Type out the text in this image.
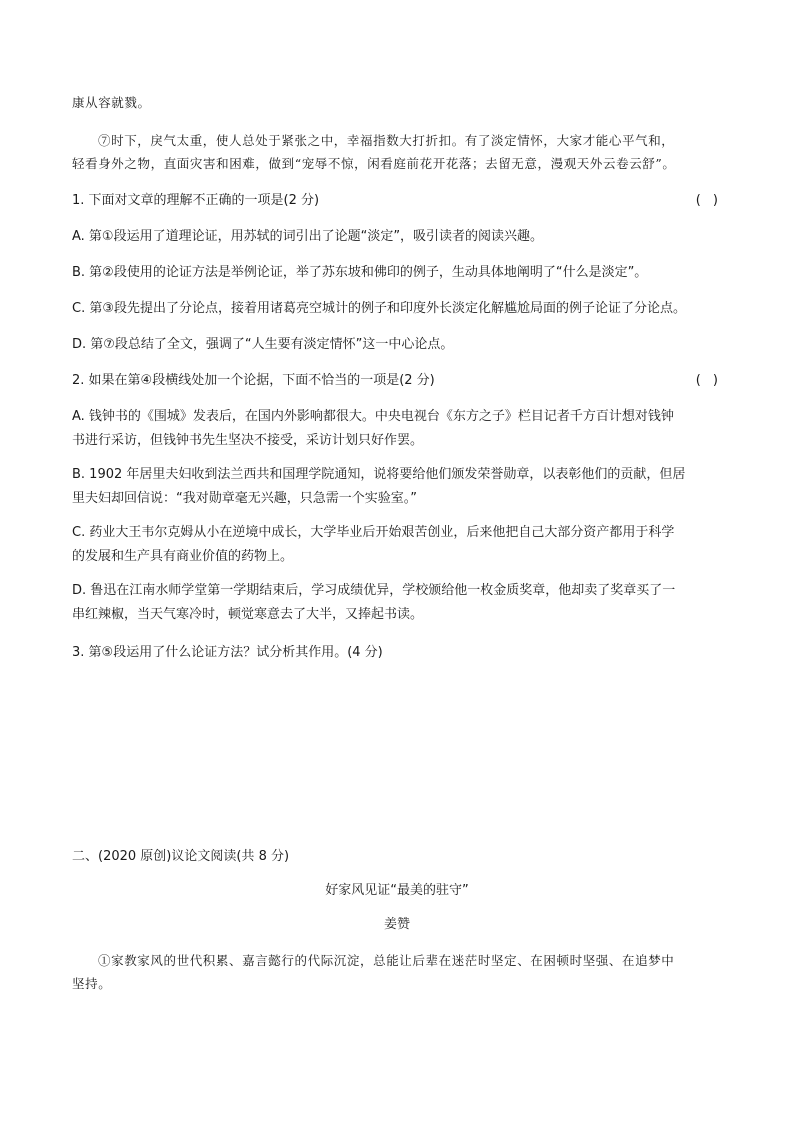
康从容就戮。
⑦时下，戾气太重，使人总处于紧张之中，幸福指数大打折扣。有了淡定情怀，大家才能心平气和，
轻看身外之物，直面灾害和困难，做到“宠辱不惊，闲看庭前花开花落；去留无意，漫观天外云卷云舒”。
1. 下面对文章的理解不正确的一项是(2 分)	( )
A. 第①段运用了道理论证，用苏轼的词引出了论题“淡定”，吸引读者的阅读兴趣。
B. 第②段使用的论证方法是举例论证，举了苏东坡和佛印的例子，生动具体地阐明了“什么是淡定”。
C. 第③段先提出了分论点，接着用诸葛亮空城计的例子和印度外长淡定化解尴尬局面的例子论证了分论点。
D. 第⑦段总结了全文，强调了“人生要有淡定情怀”这一中心论点。
2. 如果在第④段横线处加一个论据，下面不恰当的一项是(2 分)	( )
A. 钱钟书的《围城》发表后，在国内外影响都很大。中央电视台《东方之子》栏目记者千方百计想对钱钟
书进行采访，但钱钟书先生坚决不接受，采访计划只好作罢。
B. 1902 年居里夫妇收到法兰西共和国理学院通知，说将要给他们颁发荣誉勋章，以表彰他们的贡献，但居
里夫妇却回信说：“我对勋章毫无兴趣，只急需一个实验室。”
C. 药业大王韦尔克姆从小在逆境中成长，大学毕业后开始艰苦创业，后来他把自己大部分资产都用于科学
的发展和生产具有商业价值的药物上。
D. 鲁迅在江南水师学堂第一学期结束后，学习成绩优异，学校颁给他一枚金质奖章，他却卖了奖章买了一
串红辣椒，当天气寒冷时，顿觉寒意去了大半，又捧起书读。
3. 第⑤段运用了什么论证方法？试分析其作用。(4 分)
二、(2020 原创)议论文阅读(共 8 分)
好家风见证“最美的驻守”
姜赞
①家教家风的世代积累、嘉言懿行的代际沉淀，总能让后辈在迷茫时坚定、在困顿时坚强、在追梦中
坚持。
